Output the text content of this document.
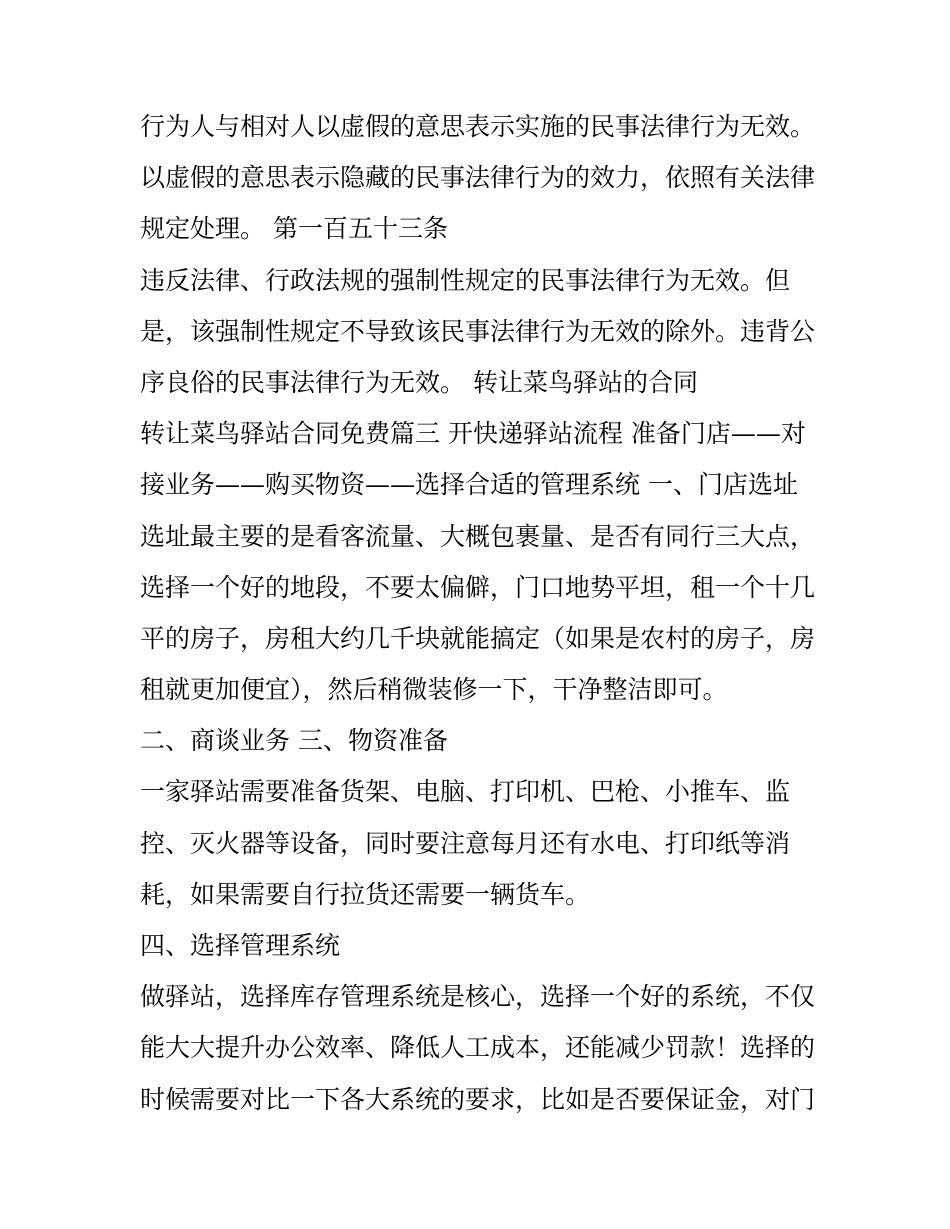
行为人与相对人以虚假的意思表示实施的民事法律行为无效。
以虚假的意思表示隐藏的民事法律行为的效力，依照有关法律
规定处理。 第一百五十三条
违反法律、行政法规的强制性规定的民事法律行为无效。但
是，该强制性规定不导致该民事法律行为无效的除外。违背公
序良俗的民事法律行为无效。 转让菜鸟驿站的合同
转让菜鸟驿站合同免费篇三 开快递驿站流程 准备门店——对
接业务——购买物资——选择合适的管理系统 一、门店选址
选址最主要的是看客流量、大概包裹量、是否有同行三大点，
选择一个好的地段，不要太偏僻，门口地势平坦，租一个十几
平的房子，房租大约几千块就能搞定（如果是农村的房子，房
租就更加便宜），然后稍微装修一下，干净整洁即可。
二、商谈业务 三、物资准备
一家驿站需要准备货架、电脑、打印机、巴枪、小推车、监
控、灭火器等设备，同时要注意每月还有水电、打印纸等消
耗，如果需要自行拉货还需要一辆货车。
四、选择管理系统
做驿站，选择库存管理系统是核心，选择一个好的系统，不仅
能大大提升办公效率、降低人工成本，还能减少罚款！选择的
时候需要对比一下各大系统的要求，比如是否要保证金，对门
